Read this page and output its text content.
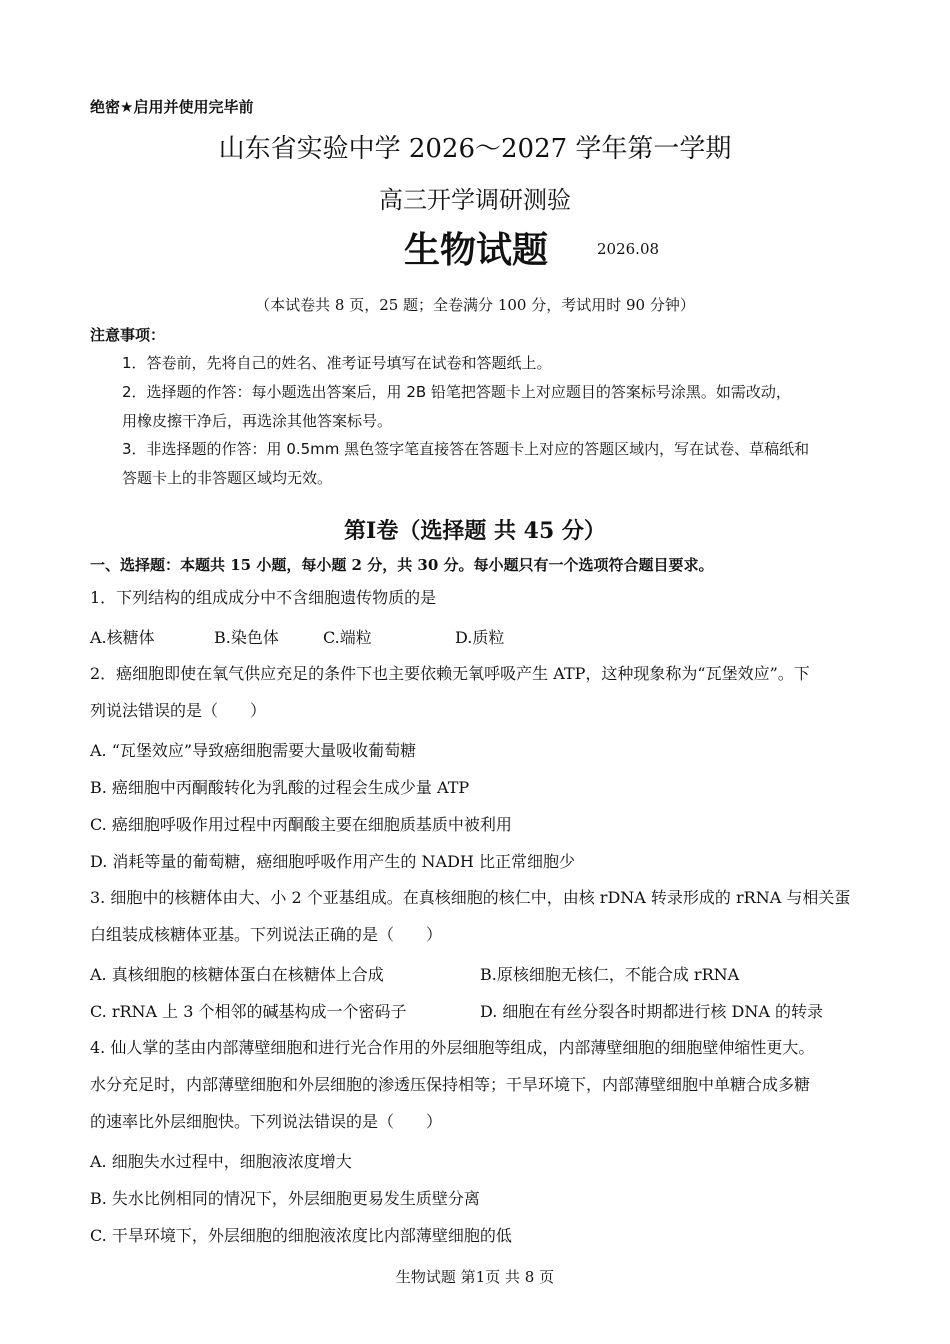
绝密★启用并使用完毕前
山东省实验中学 2026～2027 学年第一学期
高三开学调研测验
生物试题	2026.08
（本试卷共 8 页，25 题；全卷满分 100 分，考试用时 90 分钟）
注意事项：
1．答卷前，先将自己的姓名、准考证号填写在试卷和答题纸上。
2．选择题的作答：每小题选出答案后，用 2B 铅笔把答题卡上对应题目的答案标号涂黑。如需改动，
用橡皮擦干净后，再选涂其他答案标号。
3．非选择题的作答：用 0.5mm 黑色签字笔直接答在答题卡上对应的答题区域内，写在试卷、草稿纸和
答题卡上的非答题区域均无效。
第Ⅰ卷（选择题 共 45 分）
一、选择题：本题共 15 小题，每小题 2 分，共 30 分。每小题只有一个选项符合题目要求。
1．下列结构的组成成分中不含细胞遗传物质的是
A.核糖体	B.染色体	C.端粒	D.质粒
2．癌细胞即使在氧气供应充足的条件下也主要依赖无氧呼吸产生 ATP，这种现象称为“瓦堡效应”。下
列说法错误的是（　　）
A. “瓦堡效应”导致癌细胞需要大量吸收葡萄糖
B. 癌细胞中丙酮酸转化为乳酸的过程会生成少量 ATP
C. 癌细胞呼吸作用过程中丙酮酸主要在细胞质基质中被利用
D. 消耗等量的葡萄糖，癌细胞呼吸作用产生的 NADH 比正常细胞少
3. 细胞中的核糖体由大、小 2 个亚基组成。在真核细胞的核仁中，由核 rDNA 转录形成的 rRNA 与相关蛋
白组装成核糖体亚基。下列说法正确的是（　　）
A. 真核细胞的核糖体蛋白在核糖体上合成	B.原核细胞无核仁，不能合成 rRNA
C. rRNA 上 3 个相邻的碱基构成一个密码子	D. 细胞在有丝分裂各时期都进行核 DNA 的转录
4. 仙人掌的茎由内部薄壁细胞和进行光合作用的外层细胞等组成，内部薄壁细胞的细胞壁伸缩性更大。
水分充足时，内部薄壁细胞和外层细胞的渗透压保持相等；干旱环境下，内部薄壁细胞中单糖合成多糖
的速率比外层细胞快。下列说法错误的是（　　）
A. 细胞失水过程中，细胞液浓度增大
B. 失水比例相同的情况下，外层细胞更易发生质壁分离
C. 干旱环境下，外层细胞的细胞液浓度比内部薄壁细胞的低
生物试题 第1页 共 8 页
